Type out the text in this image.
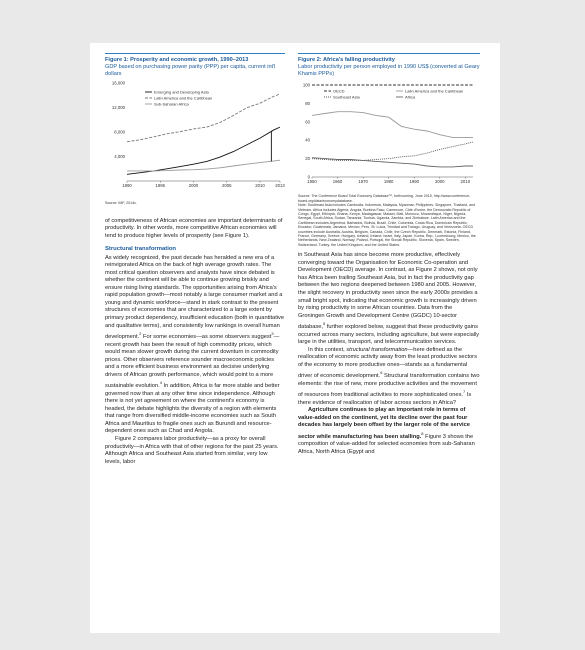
Figure 1: Prosperity and economic growth, 1990–2013
GDP based on purchasing power parity (PPP) per capita, current int'l dollars
4,000
8,000
12,000
16,000
1990	1995	2000	2005	2010 2013
Emerging and Developing Asia
Latin America and the Caribbean
Sub-Saharan Africa
Source: IMF, 2014c.

of competitiveness of African economies are important determinants of productivity. In other words, more competitive African economies will tend to produce higher levels of prosperity (see Figure 1).

Structural transformation

As widely recognized, the past decade has heralded a new era of a reinvigorated Africa on the back of high average growth rates. The most critical question observers and analysts have since debated is whether the continent will be able to continue growing briskly and ensure rising living standards. The opportunities arising from Africa's rapid population growth—most notably a large consumer market and a young and dynamic workforce—stand in stark contrast to the present structures of economies that are characterized to a large extent by primary product dependency, insufficient education (both in quantitative and qualitative terms), and consistently low rankings in overall human development.$^2$ For some economies—as some observers suggest$^3$—recent growth has been the result of high commodity prices, which would mean slower growth during the current downturn in commodity prices. Other observers reference sounder macroeconomic policies and a more efficient business environment as decisive underlying drivers of African growth performance, which would point to a more sustainable evolution.$^4$ In addition, Africa is far more stable and better governed now than at any other time since independence. Although there is not yet agreement on where the continent's economy is headed, the debate highlights the diversity of a region with elements that range from diversified middle-income economies such as South Africa and Mauritius to fragile ones such as Burundi and resource-dependent ones such as Chad and Angola.

Figure 2 compares labor productivity—as a proxy for overall productivity—in Africa with that of other regions for the past 25 years. Although Africa and Southeast Asia started from similar, very low levels, labor

Figure 2: Africa's falling productivity
Labor productivity per person employed in 1990 US$ (converted at Geary Khamis PPPs)
0
20
40
60
80
100
1950	1960	1970	1980	1990	2000	2010
OECD	Latin America and the Caribbean
Southeast Asia	Africa
Source: The Conference Board Total Economy Database™, forthcoming, June 2015, http://www.conference-board.org/data/economydatabase.
Note: Southeast Asia includes Cambodia, Indonesia, Malaysia, Myanmar, Philippines, Singapore, Thailand, and Vietnam. Africa includes Algeria, Angola, Burkina Faso, Cameroon, Côte d'Ivoire, the Democratic Republic of Congo, Egypt, Ethiopia, Ghana, Kenya, Madagascar, Malawi, Mali, Morocco, Mozambique, Niger, Nigeria, Senegal, South Africa, Sudan, Tanzania, Tunisia, Uganda, Zambia, and Zimbabwe. Latin America and the Caribbean includes Argentina, Barbados, Bolivia, Brazil, Chile, Colombia, Costa Rica, Dominican Republic, Ecuador, Guatemala, Jamaica, Mexico, Peru, St. Lucia, Trinidad and Tobago, Uruguay, and Venezuela. OECD countries include Australia, Austria, Belgium, Canada, Chile, the Czech Republic, Denmark, Estonia, Finland, France, Germany, Greece, Hungary, Iceland, Ireland, Israel, Italy, Japan, Korea, Rep., Luxembourg, Mexico, the Netherlands, New Zealand, Norway, Poland, Portugal, the Slovak Republic, Slovenia, Spain, Sweden, Switzerland, Turkey, the United Kingdom, and the United States.

in Southeast Asia has since become more productive, effectively converging toward the Organisation for Economic Co-operation and Development (OECD) average. In contrast, as Figure 2 shows, not only has Africa been trailing Southeast Asia, but in fact the productivity gap between the two regions deepened between 1980 and 2005. However, the slight recovery in productivity seen since the early 2000s provides a small bright spot, indicating that economic growth is increasingly driven by rising productivity in some African countries. Data from the Groningen Growth and Development Centre (GGDC) 10-sector database,$^5$ further explored below, suggest that these productivity gains occurred across many sectors, including agriculture, but were especially large in the utilities, transport, and telecommunication services.

In this context, structural transformation—here defined as the reallocation of economic activity away from the least productive sectors of the economy to more productive ones—stands as a fundamental driver of economic development.$^6$ Structural transformation contains two elements: the rise of new, more productive activities and the movement of resources from traditional activities to more sophisticated ones.$^7$ Is there evidence of reallocation of labor across sectors in Africa?

Agriculture continues to play an important role in terms of value-added on the continent, yet its decline over the past four decades has largely been offset by the larger role of the service sector while manufacturing has been stalling.$^8$ Figure 3 shows the composition of value-added for selected economies from sub-Saharan Africa, North Africa (Egypt and
